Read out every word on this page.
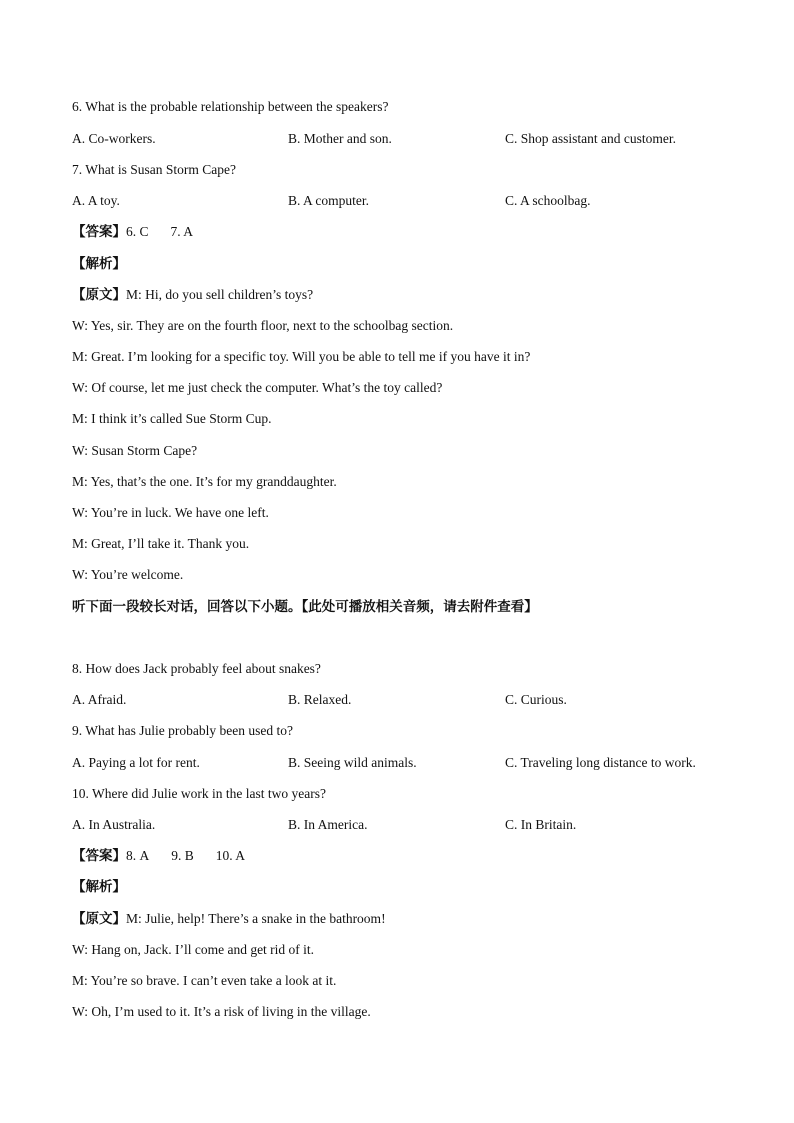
6. What is the probable relationship between the speakers?
A. Co-workers.	B. Mother and son.	C. Shop assistant and customer.
7. What is Susan Storm Cape?
A. A toy.	B. A computer.	C. A schoolbag.
【答案】6. C 7. A
【解析】
【原文】M: Hi, do you sell children’s toys?
W: Yes, sir. They are on the fourth floor, next to the schoolbag section.
M: Great. I’m looking for a specific toy. Will you be able to tell me if you have it in?
W: Of course, let me just check the computer. What’s the toy called?
M: I think it’s called Sue Storm Cup.
W: Susan Storm Cape?
M: Yes, that’s the one. It’s for my granddaughter.
W: You’re in luck. We have one left.
M: Great, I’ll take it. Thank you.
W: You’re welcome.
听下面一段较长对话，回答以下小题。【此处可播放相关音频，请去附件查看】
8. How does Jack probably feel about snakes?
A. Afraid.	B. Relaxed.	C. Curious.
9. What has Julie probably been used to?
A. Paying a lot for rent.	B. Seeing wild animals.	C. Traveling long distance to work.
10. Where did Julie work in the last two years?
A. In Australia.	B. In America.	C. In Britain.
【答案】8. A 9. B 10. A
【解析】
【原文】M: Julie, help! There’s a snake in the bathroom!
W: Hang on, Jack. I’ll come and get rid of it.
M: You’re so brave. I can’t even take a look at it.
W: Oh, I’m used to it. It’s a risk of living in the village.
